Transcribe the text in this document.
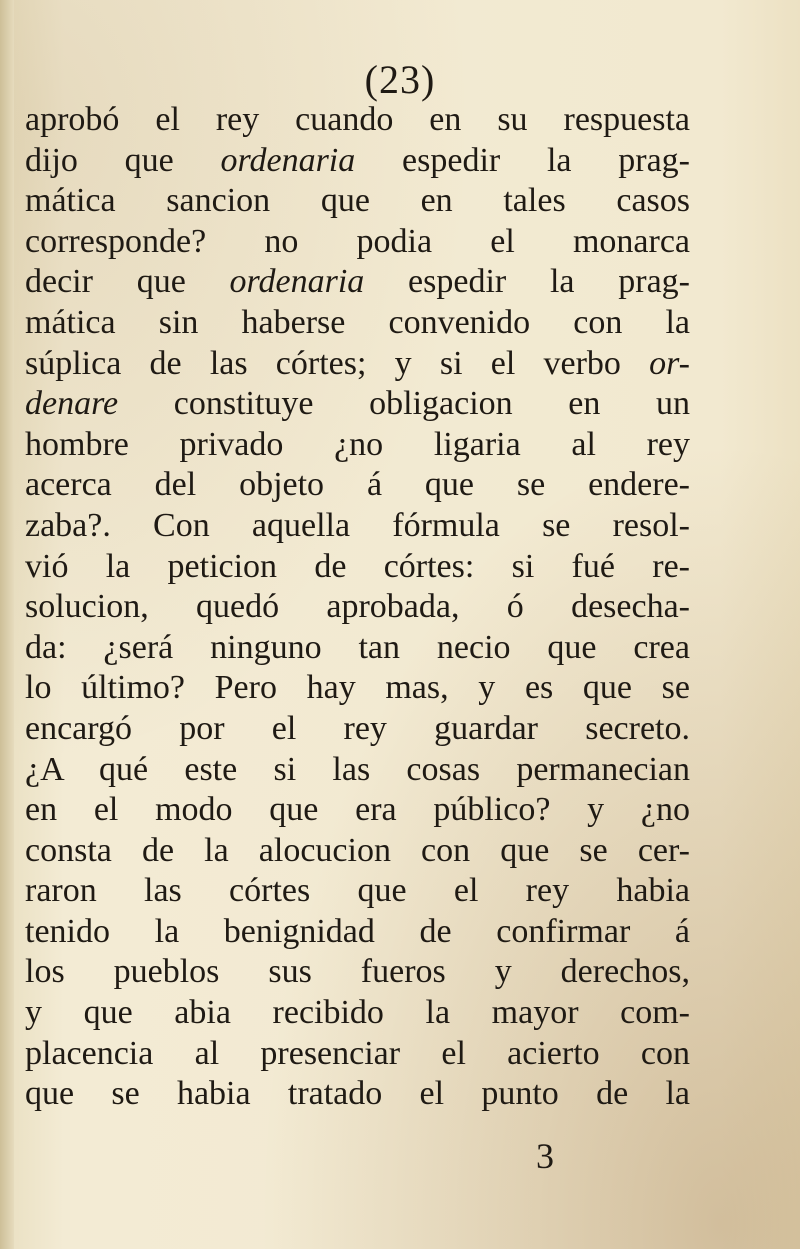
(23)
aprobó el rey cuando en su respuesta
dijo que ordenaria espedir la prag-
mática sancion que en tales casos
corresponde? no podia el monarca
decir que ordenaria espedir la prag-
mática sin haberse convenido con la
súplica de las córtes; y si el verbo or-
denare constituye obligacion en un
hombre privado ¿no ligaria al rey
acerca del objeto á que se endere-
zaba?. Con aquella fórmula se resol-
vió la peticion de córtes: si fué re-
solucion, quedó aprobada, ó desecha-
da: ¿será ninguno tan necio que crea
lo último? Pero hay mas, y es que se
encargó por el rey guardar secreto.
¿A qué este si las cosas permanecian
en el modo que era público? y ¿no
consta de la alocucion con que se cer-
raron las córtes que el rey habia
tenido la benignidad de confirmar á
los pueblos sus fueros y derechos,
y que abia recibido la mayor com-
placencia al presenciar el acierto con
que se habia tratado el punto de la
3
